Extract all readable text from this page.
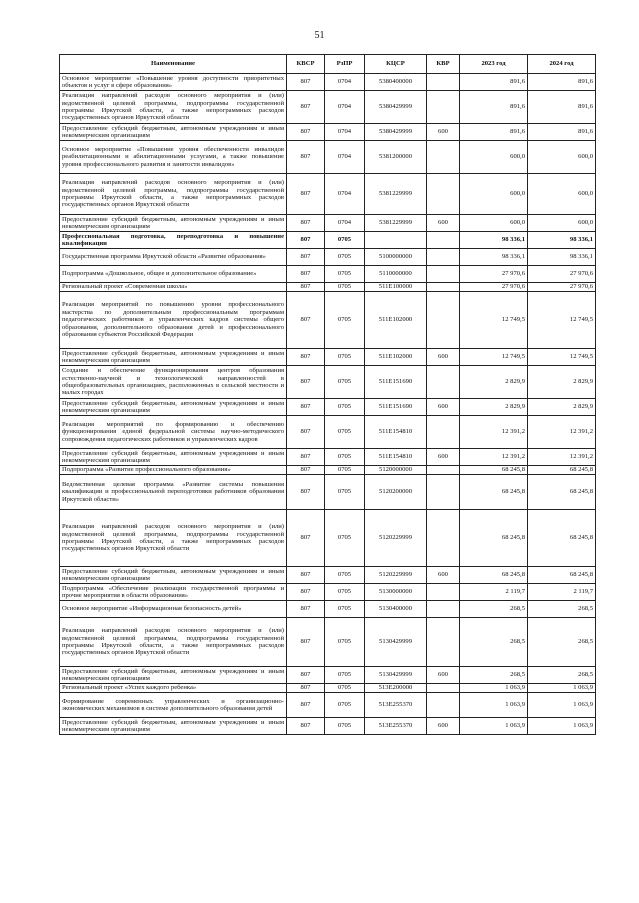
51
Наименование	КВСР	РзПР	КЦСР	КВР	2023 год	2024 год
Основное мероприятие «Повышение уровня доступности приоритетных объектов и услуг в сфере образования»	807	0704	5380400000		891,6	891,6
Реализация направлений расходов основного мероприятия и (или) ведомственной целевой программы, подпрограммы государственной программы Иркутской области, а также непрограммных расходов государственных органов Иркутской области	807	0704	5380429999		891,6	891,6
Предоставление субсидий бюджетным, автономным учреждениям и иным некоммерческим организациям	807	0704	5380429999	600	891,6	891,6
Основное мероприятие «Повышение уровня обеспеченности инвалидов реабилитационными и абилитационными услугами, а также повышение уровня профессионального развития и занятости инвалидов»	807	0704	5381200000		600,0	600,0
Реализация направлений расходов основного мероприятия и (или) ведомственной целевой программы, подпрограммы государственной программы Иркутской области, а также непрограммных расходов государственных органов Иркутской области	807	0704	5381229999		600,0	600,0
Предоставление субсидий бюджетным, автономным учреждениям и иным некоммерческим организациям	807	0704	5381229999	600	600,0	600,0
Профессиональная подготовка, переподготовка и повышение квалификации	807	0705			98 336,1	98 336,1
Государственная программа Иркутской области «Развитие образования»	807	0705	5100000000		98 336,1	98 336,1
Подпрограмма «Дошкольное, общее и дополнительное образование»	807	0705	5110000000		27 970,6	27 970,6
Региональный проект «Современная школа»	807	0705	511E100000		27 970,6	27 970,6
Реализация мероприятий по повышению уровня профессионального мастерства по дополнительным профессиональным программам педагогических работников и управленческих кадров системы общего образования, дополнительного образования детей и профессионального образования субъектов Российской Федерации	807	0705	511E102000		12 749,5	12 749,5
Предоставление субсидий бюджетным, автономным учреждениям и иным некоммерческим организациям	807	0705	511E102000	600	12 749,5	12 749,5
Создание и обеспечение функционирования центров образования естественно-научной и технологической направленностей в общеобразовательных организациях, расположенных в сельской местности и малых городах	807	0705	511E151690		2 829,9	2 829,9
Предоставление субсидий бюджетным, автономным учреждениям и иным некоммерческим организациям	807	0705	511E151690	600	2 829,9	2 829,9
Реализация мероприятий по формированию и обеспечению функционирования единой федеральной системы научно-методического сопровождения педагогических работников и управленческих кадров	807	0705	511E154810		12 391,2	12 391,2
Предоставление субсидий бюджетным, автономным учреждениям и иным некоммерческим организациям	807	0705	511E154810	600	12 391,2	12 391,2
Подпрограмма «Развитие профессионального образования»	807	0705	5120000000		68 245,8	68 245,8
Ведомственная целевая программа «Развитие системы повышения квалификации и профессиональной переподготовки работников образования Иркутской области»	807	0705	5120200000		68 245,8	68 245,8
Реализация направлений расходов основного мероприятия и (или) ведомственной целевой программы, подпрограммы государственной программы Иркутской области, а также непрограммных расходов государственных органов Иркутской области	807	0705	5120229999		68 245,8	68 245,8
Предоставление субсидий бюджетным, автономным учреждениям и иным некоммерческим организациям	807	0705	5120229999	600	68 245,8	68 245,8
Подпрограмма «Обеспечение реализации государственной программы и прочие мероприятия в области образования»	807	0705	5130000000		2 119,7	2 119,7
Основное мероприятие «Информационная безопасность детей»	807	0705	5130400000		268,5	268,5
Реализация направлений расходов основного мероприятия и (или) ведомственной целевой программы, подпрограммы государственной программы Иркутской области, а также непрограммных расходов государственных органов Иркутской области	807	0705	5130429999		268,5	268,5
Предоставление субсидий бюджетным, автономным учреждениям и иным некоммерческим организациям	807	0705	5130429999	600	268,5	268,5
Региональный проект «Успех каждого ребенка»	807	0705	513E200000		1 063,9	1 063,9
Формирование современных управленческих и организационно-экономических механизмов в системе дополнительного образования детей	807	0705	513E255370		1 063,9	1 063,9
Предоставление субсидий бюджетным, автономным учреждениям и иным некоммерческим организациям	807	0705	513E255370	600	1 063,9	1 063,9
